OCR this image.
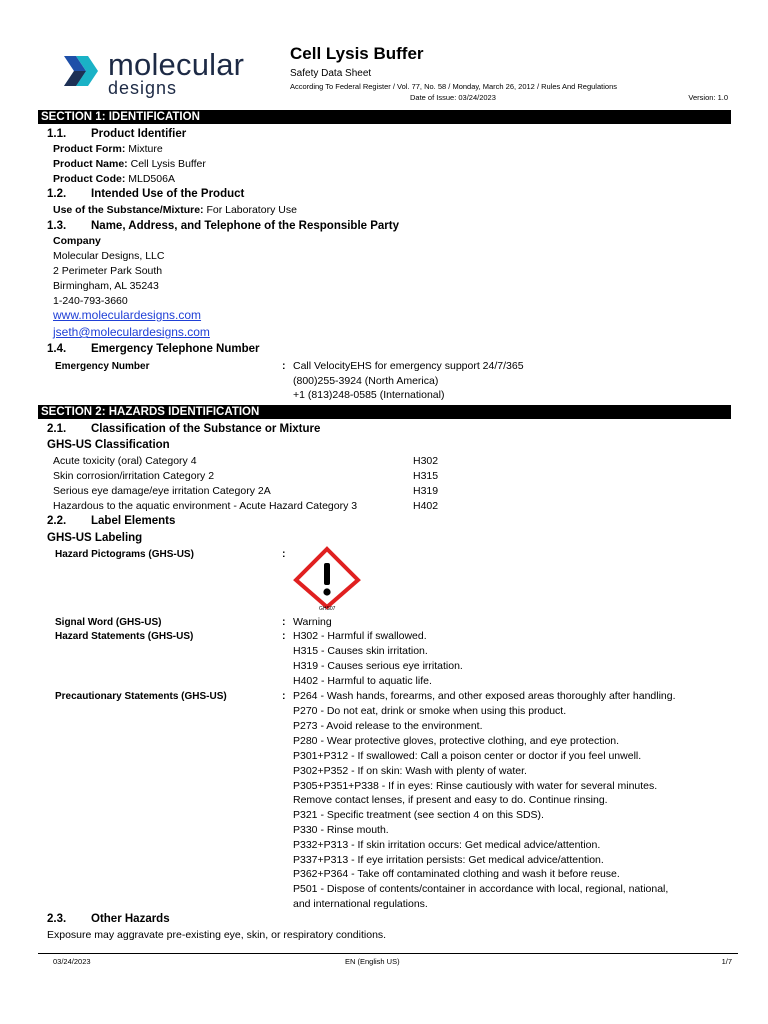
molecular
designs
Cell Lysis Buffer
Safety Data Sheet
According To Federal Register / Vol. 77, No. 58 / Monday, March 26, 2012 / Rules And Regulations
Date of Issue: 03/24/2023	Version: 1.0
SECTION 1: IDENTIFICATION
1.1. Product Identifier
Product Form: Mixture
Product Name: Cell Lysis Buffer
Product Code: MLD506A
1.2. Intended Use of the Product
Use of the Substance/Mixture: For Laboratory Use
1.3. Name, Address, and Telephone of the Responsible Party
Company
Molecular Designs, LLC
2 Perimeter Park South
Birmingham, AL 35243
1-240-793-3660
www.moleculardesigns.com
jseth@moleculardesigns.com
1.4. Emergency Telephone Number
Emergency Number	: Call VelocityEHS for emergency support 24/7/365
(800)255-3924 (North America)
+1 (813)248-0585 (International)
SECTION 2: HAZARDS IDENTIFICATION
2.1. Classification of the Substance or Mixture
GHS-US Classification
Acute toxicity (oral) Category 4	H302
Skin corrosion/irritation Category 2	H315
Serious eye damage/eye irritation Category 2A	H319
Hazardous to the aquatic environment - Acute Hazard Category 3	H402
2.2. Label Elements
GHS-US Labeling
Hazard Pictograms (GHS-US)	:
GHS07
Signal Word (GHS-US)	: Warning
Hazard Statements (GHS-US)	: H302 - Harmful if swallowed.
H315 - Causes skin irritation.
H319 - Causes serious eye irritation.
H402 - Harmful to aquatic life.
Precautionary Statements (GHS-US)	: P264 - Wash hands, forearms, and other exposed areas thoroughly after handling.
P270 - Do not eat, drink or smoke when using this product.
P273 - Avoid release to the environment.
P280 - Wear protective gloves, protective clothing, and eye protection.
P301+P312 - If swallowed: Call a poison center or doctor if you feel unwell.
P302+P352 - If on skin: Wash with plenty of water.
P305+P351+P338 - If in eyes: Rinse cautiously with water for several minutes.
Remove contact lenses, if present and easy to do. Continue rinsing.
P321 - Specific treatment (see section 4 on this SDS).
P330 - Rinse mouth.
P332+P313 - If skin irritation occurs: Get medical advice/attention.
P337+P313 - If eye irritation persists: Get medical advice/attention.
P362+P364 - Take off contaminated clothing and wash it before reuse.
P501 - Dispose of contents/container in accordance with local, regional, national,
and international regulations.
2.3. Other Hazards
Exposure may aggravate pre-existing eye, skin, or respiratory conditions.
03/24/2023	EN (English US)	1/7
